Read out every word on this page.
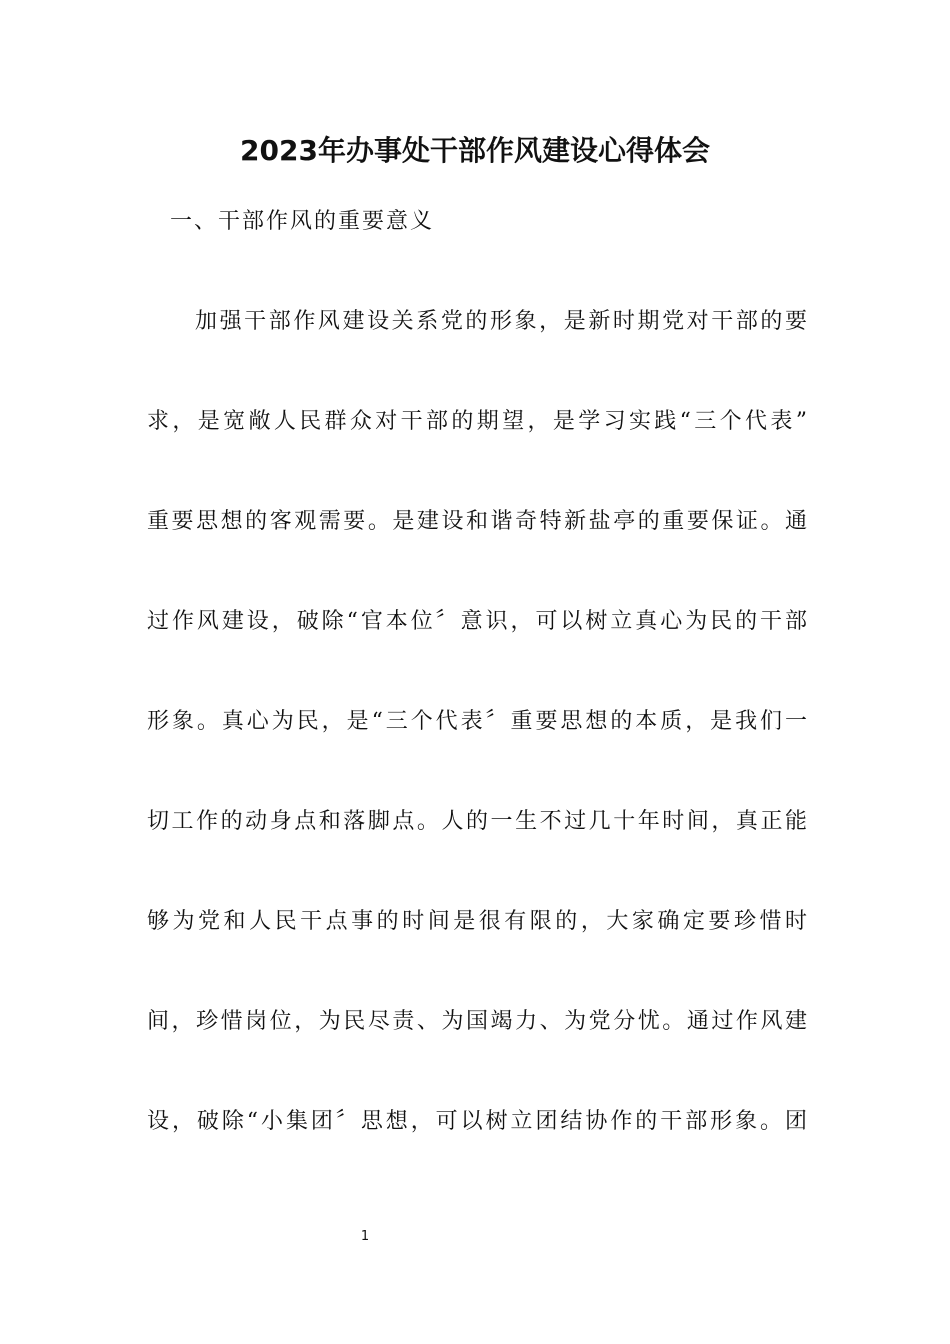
2023年办事处干部作风建设心得体会
一、干部作风的重要意义
加强干部作风建设关系党的形象，是新时期党对干部的要
求，是宽敞人民群众对干部的期望，是学习实践“三个代表”
重要思想的客观需要。是建设和谐奇特新盐亭的重要保证。通
过作风建设，破除“官本位〞意识，可以树立真心为民的干部
形象。真心为民，是“三个代表〞重要思想的本质，是我们一
切工作的动身点和落脚点。人的一生不过几十年时间，真正能
够为党和人民干点事的时间是很有限的，大家确定要珍惜时
间，珍惜岗位，为民尽责、为国竭力、为党分忧。通过作风建
设，破除“小集团〞思想，可以树立团结协作的干部形象。团
1
